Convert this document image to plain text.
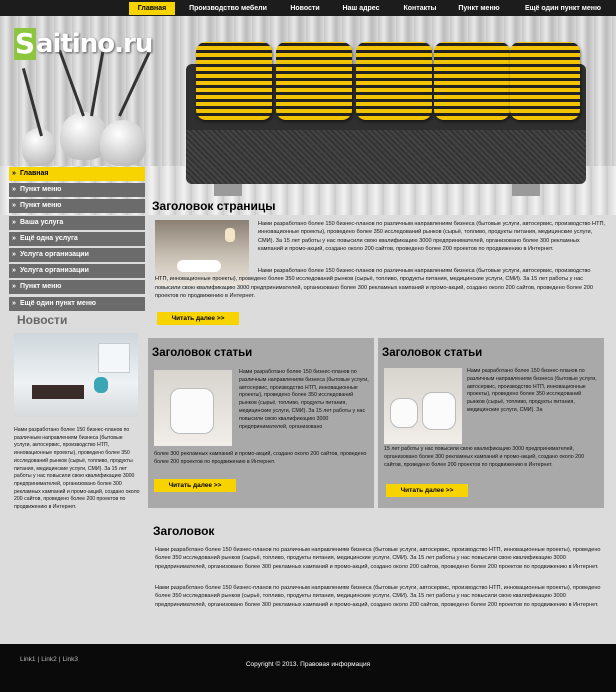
Главная	Производство мебели	Новости	Наш адрес	Контакты	Пункт меню	Ещё один пункт меню
S aitino.ru
» Главная
» Пункт меню
» Пункт меню
» Ваша услуга
» Ещё одна услуга
» Услуга организации
» Услуга организации
» Пункт меню
» Ещё один пункт меню
Заголовок страницы
Нами разработано более 150 бизнес-планов по различным направлениям бизнеса (бытовые услуги, автосервис, производство НТП, инновационные проекты), проведено более 350 исследований рынков (сырьё, топливо, продукты питания, медицинские услуги, СМИ). За 15 лет работы у нас повысили свою квалификацию 3000 предпринимателей, организовано более 300 рекламных кампаний и промо-акций, создано около 200 сайтов, проведено более 200 проектов по продвижению в Интернет.
Нами разработано более 150 бизнес-планов по различным направлениям бизнеса (бытовые услуги, автосервис, производство НТП, инновационные проекты), проведено более 350 исследований рынков (сырьё, топливо, продукты питания, медицинские услуги, СМИ). За 15 лет работы у нас повысили свою квалификацию 3000 предпринимателей, организовано более 300 рекламных кампаний и промо-акций, создано около 200 сайтов, проведено более 200 проектов по продвижению в Интернет.
Читать далее >>
Новости
Нами разработано более 150 бизнес-планов по различным направлениям бизнеса (бытовые услуги, автосервис, производство НТП, инновационные проекты), проведено более 350 исследований рынков (сырьё, топливо, продукты питания, медицинские услуги, СМИ). За 15 лет работы у нас повысили свою квалификацию 3000 предпринимателей, организовано более 300 рекламных кампаний и промо-акций, создано около 200 сайтов, проведено более 200 проектов по продвижению в Интернет.
Заголовок статьи
Нами разработано более 150 бизнес-планов по различным направлениям бизнеса (бытовые услуги, автосервис, производство НТП, инновационные проекты), проведено более 350 исследований рынков (сырьё, топливо, продукты питания, медицинские услуги, СМИ). За 15 лет работы у нас повысили свою квалификацию 3000 предпринимателей, организовано
более 300 рекламных кампаний и промо-акций, создано около 200 сайтов, проведено более 200 проектов по продвижению в Интернет.
Читать далее >>
Заголовок статьи
Нами разработано более 150 бизнес-планов по различным направлениям бизнеса (бытовые услуги, автосервис, производство НТП, инновационные проекты), проведено более 350 исследований рынков (сырьё, топливо, продукты питания, медицинские услуги, СМИ). За
15 лет работы у нас повысили свою квалификацию 3000 предпринимателей, организовано более 300 рекламных кампаний и промо-акций, создано около 200 сайтов, проведено более 200 проектов по продвижению в Интернет.
Читать далее >>
Заголовок
Нами разработано более 150 бизнес-планов по различным направлениям бизнеса (бытовые услуги, автосервис, производство НТП, инновационные проекты), проведено более 350 исследований рынков (сырьё, топливо, продукты питания, медицинские услуги, СМИ). За 15 лет работы у нас повысили свою квалификацию 3000 предпринимателей, организовано более 300 рекламных кампаний и промо-акций, создано около 200 сайтов, проведено более 200 проектов по продвижению в Интернет.
Нами разработано более 150 бизнес-планов по различным направлениям бизнеса (бытовые услуги, автосервис, производство НТП, инновационные проекты), проведено более 350 исследований рынков (сырьё, топливо, продукты питания, медицинские услуги, СМИ). За 15 лет работы у нас повысили свою квалификацию 3000 предпринимателей, организовано более 300 рекламных кампаний и промо-акций, создано около 200 сайтов, проведено более 200 проектов по продвижению в Интернет.
Link1 | Link2 | Link3
Copyright © 2013. Правовая информация
